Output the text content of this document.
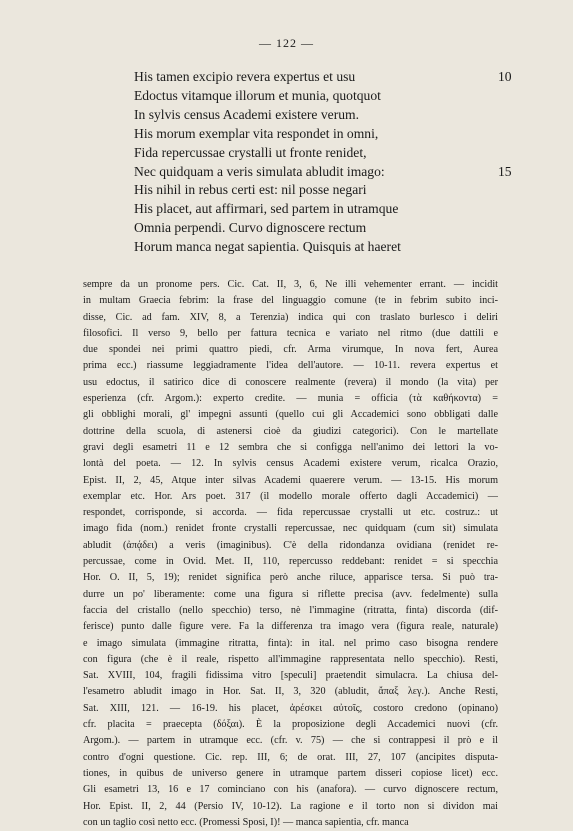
— 122 —
His tamen excipio revera expertus et usu	10
Edoctus vitamque illorum et munia, quotquot
In sylvis census Academi existere verum.
His morum exemplar vita respondet in omni,
Fida repercussae crystalli ut fronte renidet,
Nec quidquam a veris simulata abludit imago:	15
His nihil in rebus certi est: nil posse negari
His placet, aut affirmari, sed partem in utramque
Omnia perpendi. Curvo dignoscere rectum
Horum manca negat sapientia. Quisquis at haeret

sempre da un pronome pers. Cic. Cat. II, 3, 6, Ne illi vehementer errant. — incidit

in multam Graecia febrim: la frase del linguaggio comune (te in febrim subito inci-

disse, Cic. ad fam. XIV, 8, a Terenzia) indica qui con traslato burlesco i deliri

filosofici. Il verso 9, bello per fattura tecnica e variato nel ritmo (due dattili e

due spondei nei primi quattro piedi, cfr. Arma virumque, In nova fert, Aurea

prima ecc.) riassume leggiadramente l'idea dell'autore. — 10-11. revera expertus et

usu edoctus, il satirico dice di conoscere realmente (revera) il mondo (la vita) per

esperienza (cfr. Argom.): experto credite. — munia = officia (τὰ καθήκοντα) =

gli obblighi morali, gl' impegni assunti (quello cui gli Accademici sono obbligati dalle

dottrine della scuola, di astenersi cioè da giudizi categorici). Con le martellate

gravi degli esametri 11 e 12 sembra che si configga nell'animo dei lettori la vo-

lontà del poeta. — 12. In sylvis census Academi existere verum, ricalca Orazio,

Epist. II, 2, 45, Atque inter silvas Academi quaerere verum. — 13-15. His morum

exemplar etc. Hor. Ars poet. 317 (il modello morale offerto dagli Accademici) —

respondet, corrisponde, si accorda. — fida repercussae crystalli ut etc. costruz.: ut

imago fida (nom.) renidet fronte crystalli repercussae, nec quidquam (cum sit) simulata

abludit (ἀπᾴδει) a veris (imaginibus). C'è della ridondanza ovidiana (renidet re-

percussae, come in Ovid. Met. II, 110, repercusso reddebant: renidet = si specchia

Hor. O. II, 5, 19); renidet significa però anche riluce, apparisce tersa. Si può tra-

durre un po' liberamente: come una figura si riflette precisa (avv. fedelmente) sulla

faccia del cristallo (nello specchio) terso, nè l'immagine (ritratta, finta) discorda (dif-

ferisce) punto dalle figure vere. Fa la differenza tra imago vera (figura reale, naturale)

e imago simulata (immagine ritratta, finta): in ital. nel primo caso bisogna rendere

con figura (che è il reale, rispetto all'immagine rappresentata nello specchio). Resti,

Sat. XVIII, 104, fragili fidissima vitro [speculi] praetendit simulacra. La chiusa del-

l'esametro abludit imago in Hor. Sat. II, 3, 320 (abludit, ἄπαξ λεγ.). Anche Resti,

Sat. XIII, 121. — 16-19. his placet, ἀρέσκει αὐτοῖς, costoro credono (opinano)

cfr. placita = praecepta (δόξαι). È la proposizione degli Accademici nuovi (cfr.

Argom.). — partem in utramque ecc. (cfr. v. 75) — che si contrappesi il prò e il

contro d'ogni questione. Cic. rep. III, 6; de orat. III, 27, 107 (ancipites disputa-

tiones, in quibus de universo genere in utramque partem disseri copiose licet) ecc.

Gli esametri 13, 16 e 17 cominciano con his (anafora). — curvo dignoscere rectum,

Hor. Epist. II, 2, 44 (Persio IV, 10-12). La ragione e il torto non si dividon mai

con un taglio così netto ecc. (Promessi Sposi, I)! — manca sapientia, cfr. manca
